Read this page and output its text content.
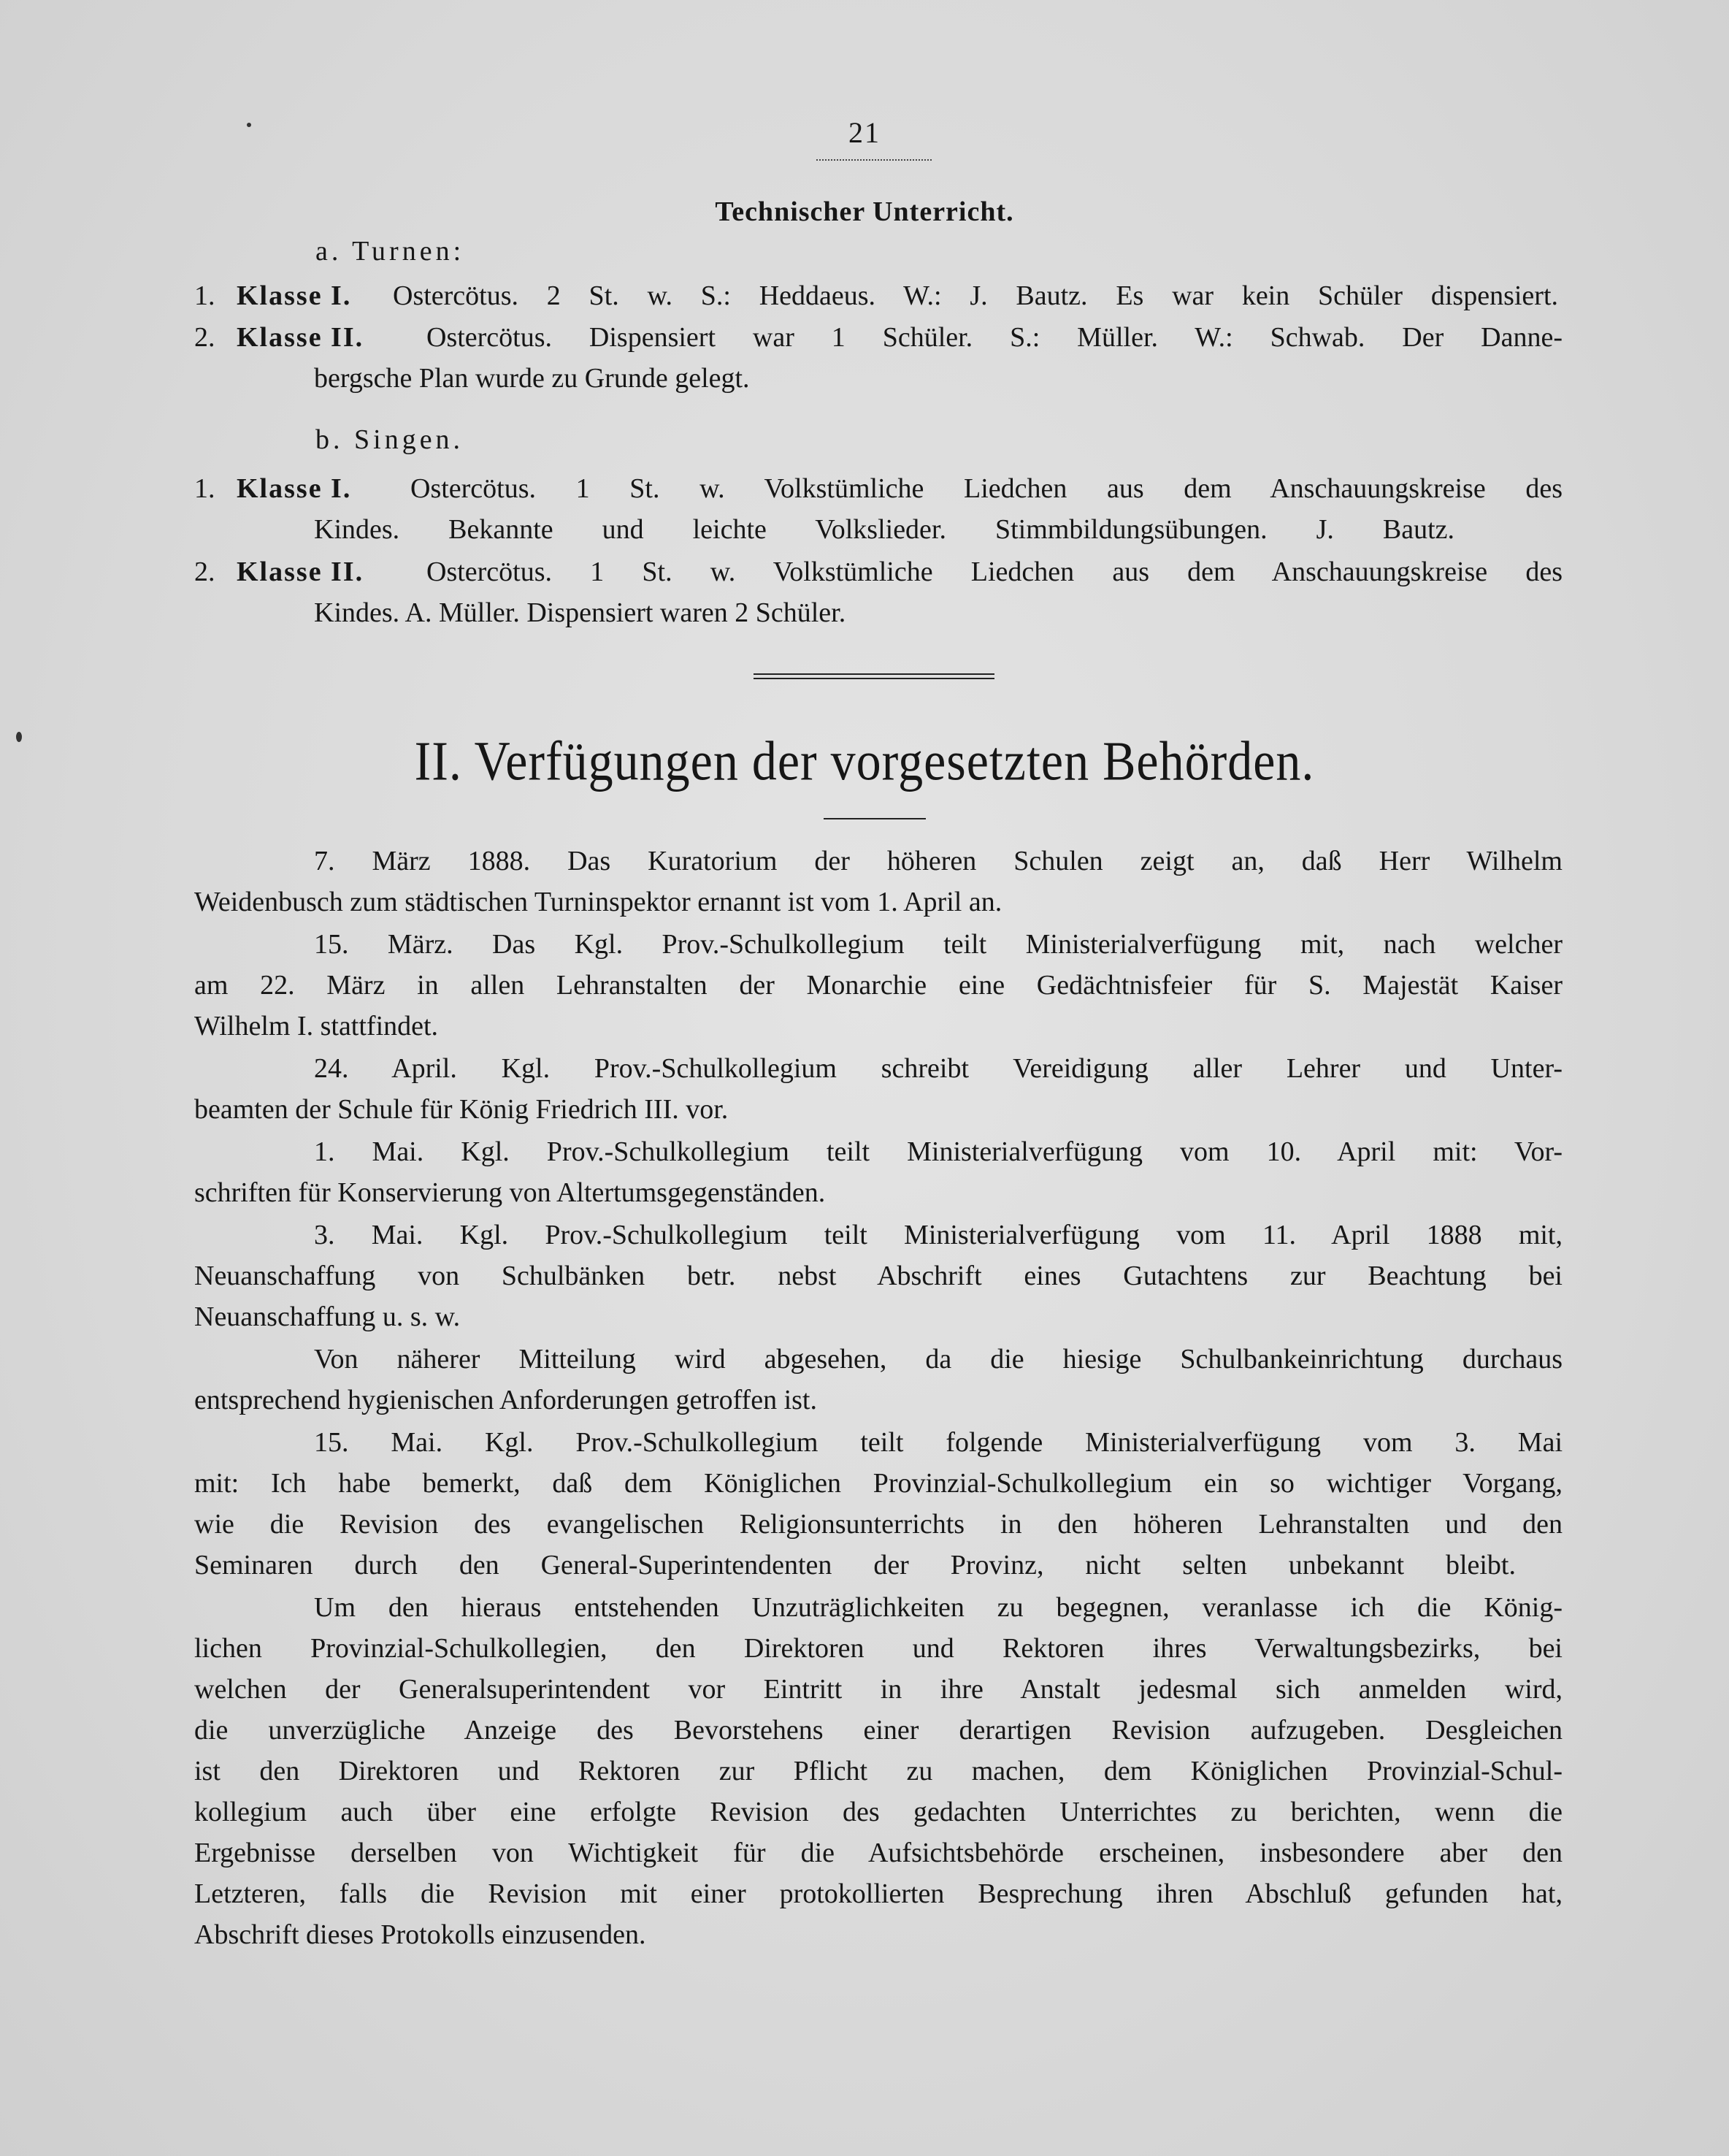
21
Technischer Unterricht.
a. Turnen:
1. Klasse I. Ostercötus. 2 St. w. S.: Heddaeus. W.: J. Bautz. Es war kein Schüler dispensiert.
2. Klasse II. Ostercötus. Dispensiert war 1 Schüler. S.: Müller. W.: Schwab. Der Danne-
bergsche Plan wurde zu Grunde gelegt.
b. Singen.
1. Klasse I. Ostercötus. 1 St. w. Volkstümliche Liedchen aus dem Anschauungskreise des
Kindes. Bekannte und leichte Volkslieder. Stimmbildungsübungen. J. Bautz.
2. Klasse II. Ostercötus. 1 St. w. Volkstümliche Liedchen aus dem Anschauungskreise des
Kindes. A. Müller. Dispensiert waren 2 Schüler.
II. Verfügungen der vorgesetzten Behörden.
7. März 1888. Das Kuratorium der höheren Schulen zeigt an, daß Herr Wilhelm
Weidenbusch zum städtischen Turninspektor ernannt ist vom 1. April an.
15. März. Das Kgl. Prov.-Schulkollegium teilt Ministerialverfügung mit, nach welcher
am 22. März in allen Lehranstalten der Monarchie eine Gedächtnisfeier für S. Majestät Kaiser
Wilhelm I. stattfindet.
24. April. Kgl. Prov.-Schulkollegium schreibt Vereidigung aller Lehrer und Unter-
beamten der Schule für König Friedrich III. vor.
1. Mai. Kgl. Prov.-Schulkollegium teilt Ministerialverfügung vom 10. April mit: Vor-
schriften für Konservierung von Altertumsgegenständen.
3. Mai. Kgl. Prov.-Schulkollegium teilt Ministerialverfügung vom 11. April 1888 mit,
Neuanschaffung von Schulbänken betr. nebst Abschrift eines Gutachtens zur Beachtung bei
Neuanschaffung u. s. w.
Von näherer Mitteilung wird abgesehen, da die hiesige Schulbankeinrichtung durchaus
entsprechend hygienischen Anforderungen getroffen ist.
15. Mai. Kgl. Prov.-Schulkollegium teilt folgende Ministerialverfügung vom 3. Mai
mit: Ich habe bemerkt, daß dem Königlichen Provinzial-Schulkollegium ein so wichtiger Vorgang,
wie die Revision des evangelischen Religionsunterrichts in den höheren Lehranstalten und den
Seminaren durch den General-Superintendenten der Provinz, nicht selten unbekannt bleibt.
Um den hieraus entstehenden Unzuträglichkeiten zu begegnen, veranlasse ich die König-
lichen Provinzial-Schulkollegien, den Direktoren und Rektoren ihres Verwaltungsbezirks, bei
welchen der Generalsuperintendent vor Eintritt in ihre Anstalt jedesmal sich anmelden wird,
die unverzügliche Anzeige des Bevorstehens einer derartigen Revision aufzugeben. Desgleichen
ist den Direktoren und Rektoren zur Pflicht zu machen, dem Königlichen Provinzial-Schul-
kollegium auch über eine erfolgte Revision des gedachten Unterrichtes zu berichten, wenn die
Ergebnisse derselben von Wichtigkeit für die Aufsichtsbehörde erscheinen, insbesondere aber den
Letzteren, falls die Revision mit einer protokollierten Besprechung ihren Abschluß gefunden hat,
Abschrift dieses Protokolls einzusenden.
